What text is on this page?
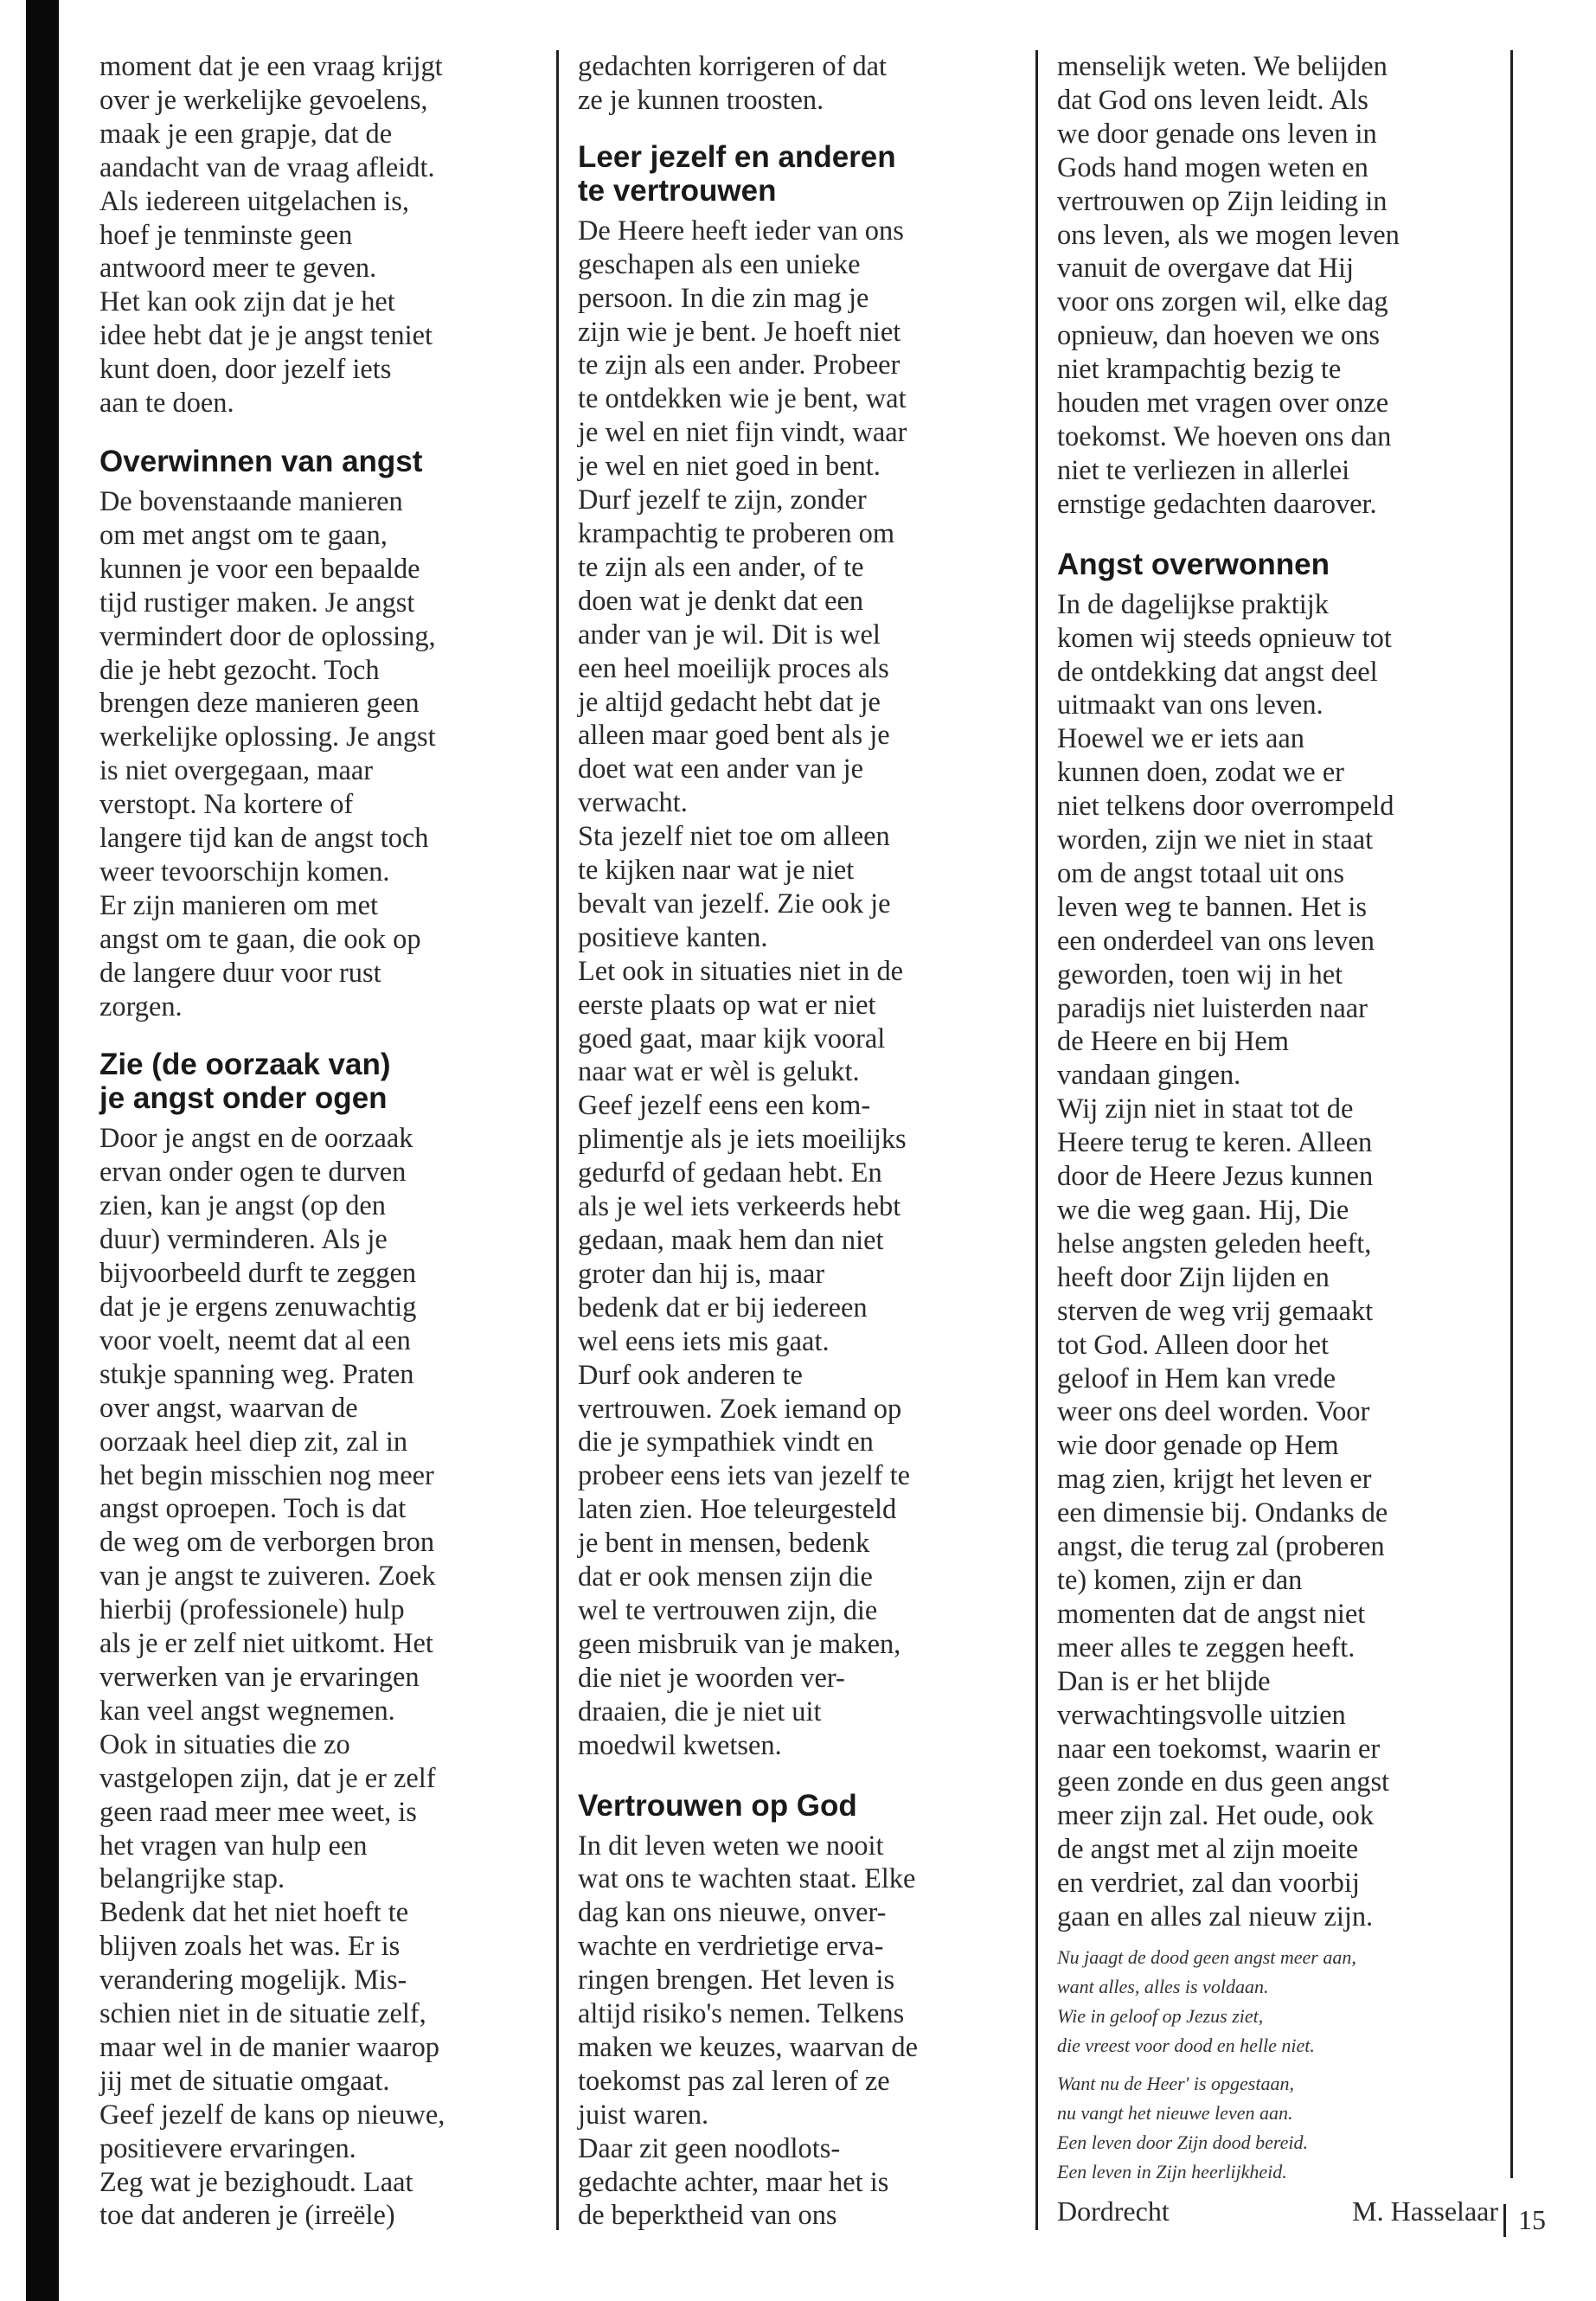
moment dat je een vraag krijgt
over je werkelijke gevoelens,
maak je een grapje, dat de
aandacht van de vraag afleidt.
Als iedereen uitgelachen is,
hoef je tenminste geen
antwoord meer te geven.
Het kan ook zijn dat je het
idee hebt dat je je angst teniet
kunt doen, door jezelf iets
aan te doen.

Overwinnen van angst

De bovenstaande manieren
om met angst om te gaan,
kunnen je voor een bepaalde
tijd rustiger maken. Je angst
vermindert door de oplossing,
die je hebt gezocht. Toch
brengen deze manieren geen
werkelijke oplossing. Je angst
is niet overgegaan, maar
verstopt. Na kortere of
langere tijd kan de angst toch
weer tevoorschijn komen.
Er zijn manieren om met
angst om te gaan, die ook op
de langere duur voor rust
zorgen.

Zie (de oorzaak van)
je angst onder ogen

Door je angst en de oorzaak
ervan onder ogen te durven
zien, kan je angst (op den
duur) verminderen. Als je
bijvoorbeeld durft te zeggen
dat je je ergens zenuwachtig
voor voelt, neemt dat al een
stukje spanning weg. Praten
over angst, waarvan de
oorzaak heel diep zit, zal in
het begin misschien nog meer
angst oproepen. Toch is dat
de weg om de verborgen bron
van je angst te zuiveren. Zoek
hierbij (professionele) hulp
als je er zelf niet uitkomt. Het
verwerken van je ervaringen
kan veel angst wegnemen.
Ook in situaties die zo
vastgelopen zijn, dat je er zelf
geen raad meer mee weet, is
het vragen van hulp een
belangrijke stap.
Bedenk dat het niet hoeft te
blijven zoals het was. Er is
verandering mogelijk. Mis-
schien niet in de situatie zelf,
maar wel in de manier waarop
jij met de situatie omgaat.
Geef jezelf de kans op nieuwe,
positievere ervaringen.
Zeg wat je bezighoudt. Laat
toe dat anderen je (irreële)

gedachten korrigeren of dat
ze je kunnen troosten.

Leer jezelf en anderen
te vertrouwen

De Heere heeft ieder van ons
geschapen als een unieke
persoon. In die zin mag je
zijn wie je bent. Je hoeft niet
te zijn als een ander. Probeer
te ontdekken wie je bent, wat
je wel en niet fijn vindt, waar
je wel en niet goed in bent.
Durf jezelf te zijn, zonder
krampachtig te proberen om
te zijn als een ander, of te
doen wat je denkt dat een
ander van je wil. Dit is wel
een heel moeilijk proces als
je altijd gedacht hebt dat je
alleen maar goed bent als je
doet wat een ander van je
verwacht.
Sta jezelf niet toe om alleen
te kijken naar wat je niet
bevalt van jezelf. Zie ook je
positieve kanten.
Let ook in situaties niet in de
eerste plaats op wat er niet
goed gaat, maar kijk vooral
naar wat er wèl is gelukt.
Geef jezelf eens een kom-
plimentje als je iets moeilijks
gedurfd of gedaan hebt. En
als je wel iets verkeerds hebt
gedaan, maak hem dan niet
groter dan hij is, maar
bedenk dat er bij iedereen
wel eens iets mis gaat.
Durf ook anderen te
vertrouwen. Zoek iemand op
die je sympathiek vindt en
probeer eens iets van jezelf te
laten zien. Hoe teleurgesteld
je bent in mensen, bedenk
dat er ook mensen zijn die
wel te vertrouwen zijn, die
geen misbruik van je maken,
die niet je woorden ver-
draaien, die je niet uit
moedwil kwetsen.

Vertrouwen op God

In dit leven weten we nooit
wat ons te wachten staat. Elke
dag kan ons nieuwe, onver-
wachte en verdrietige erva-
ringen brengen. Het leven is
altijd risiko's nemen. Telkens
maken we keuzes, waarvan de
toekomst pas zal leren of ze
juist waren.
Daar zit geen noodlots-
gedachte achter, maar het is
de beperktheid van ons

menselijk weten. We belijden
dat God ons leven leidt. Als
we door genade ons leven in
Gods hand mogen weten en
vertrouwen op Zijn leiding in
ons leven, als we mogen leven
vanuit de overgave dat Hij
voor ons zorgen wil, elke dag
opnieuw, dan hoeven we ons
niet krampachtig bezig te
houden met vragen over onze
toekomst. We hoeven ons dan
niet te verliezen in allerlei
ernstige gedachten daarover.

Angst overwonnen

In de dagelijkse praktijk
komen wij steeds opnieuw tot
de ontdekking dat angst deel
uitmaakt van ons leven.
Hoewel we er iets aan
kunnen doen, zodat we er
niet telkens door overrompeld
worden, zijn we niet in staat
om de angst totaal uit ons
leven weg te bannen. Het is
een onderdeel van ons leven
geworden, toen wij in het
paradijs niet luisterden naar
de Heere en bij Hem
vandaan gingen.
Wij zijn niet in staat tot de
Heere terug te keren. Alleen
door de Heere Jezus kunnen
we die weg gaan. Hij, Die
helse angsten geleden heeft,
heeft door Zijn lijden en
sterven de weg vrij gemaakt
tot God. Alleen door het
geloof in Hem kan vrede
weer ons deel worden. Voor
wie door genade op Hem
mag zien, krijgt het leven er
een dimensie bij. Ondanks de
angst, die terug zal (proberen
te) komen, zijn er dan
momenten dat de angst niet
meer alles te zeggen heeft.
Dan is er het blijde
verwachtingsvolle uitzien
naar een toekomst, waarin er
geen zonde en dus geen angst
meer zijn zal. Het oude, ook
de angst met al zijn moeite
en verdriet, zal dan voorbij
gaan en alles zal nieuw zijn.

Nu jaagt de dood geen angst meer aan,
want alles, alles is voldaan.
Wie in geloof op Jezus ziet,
die vreest voor dood en helle niet.

Want nu de Heer' is opgestaan,
nu vangt het nieuwe leven aan.
Een leven door Zijn dood bereid.
Een leven in Zijn heerlijkheid.

Dordrecht	M. Hasselaar 15
